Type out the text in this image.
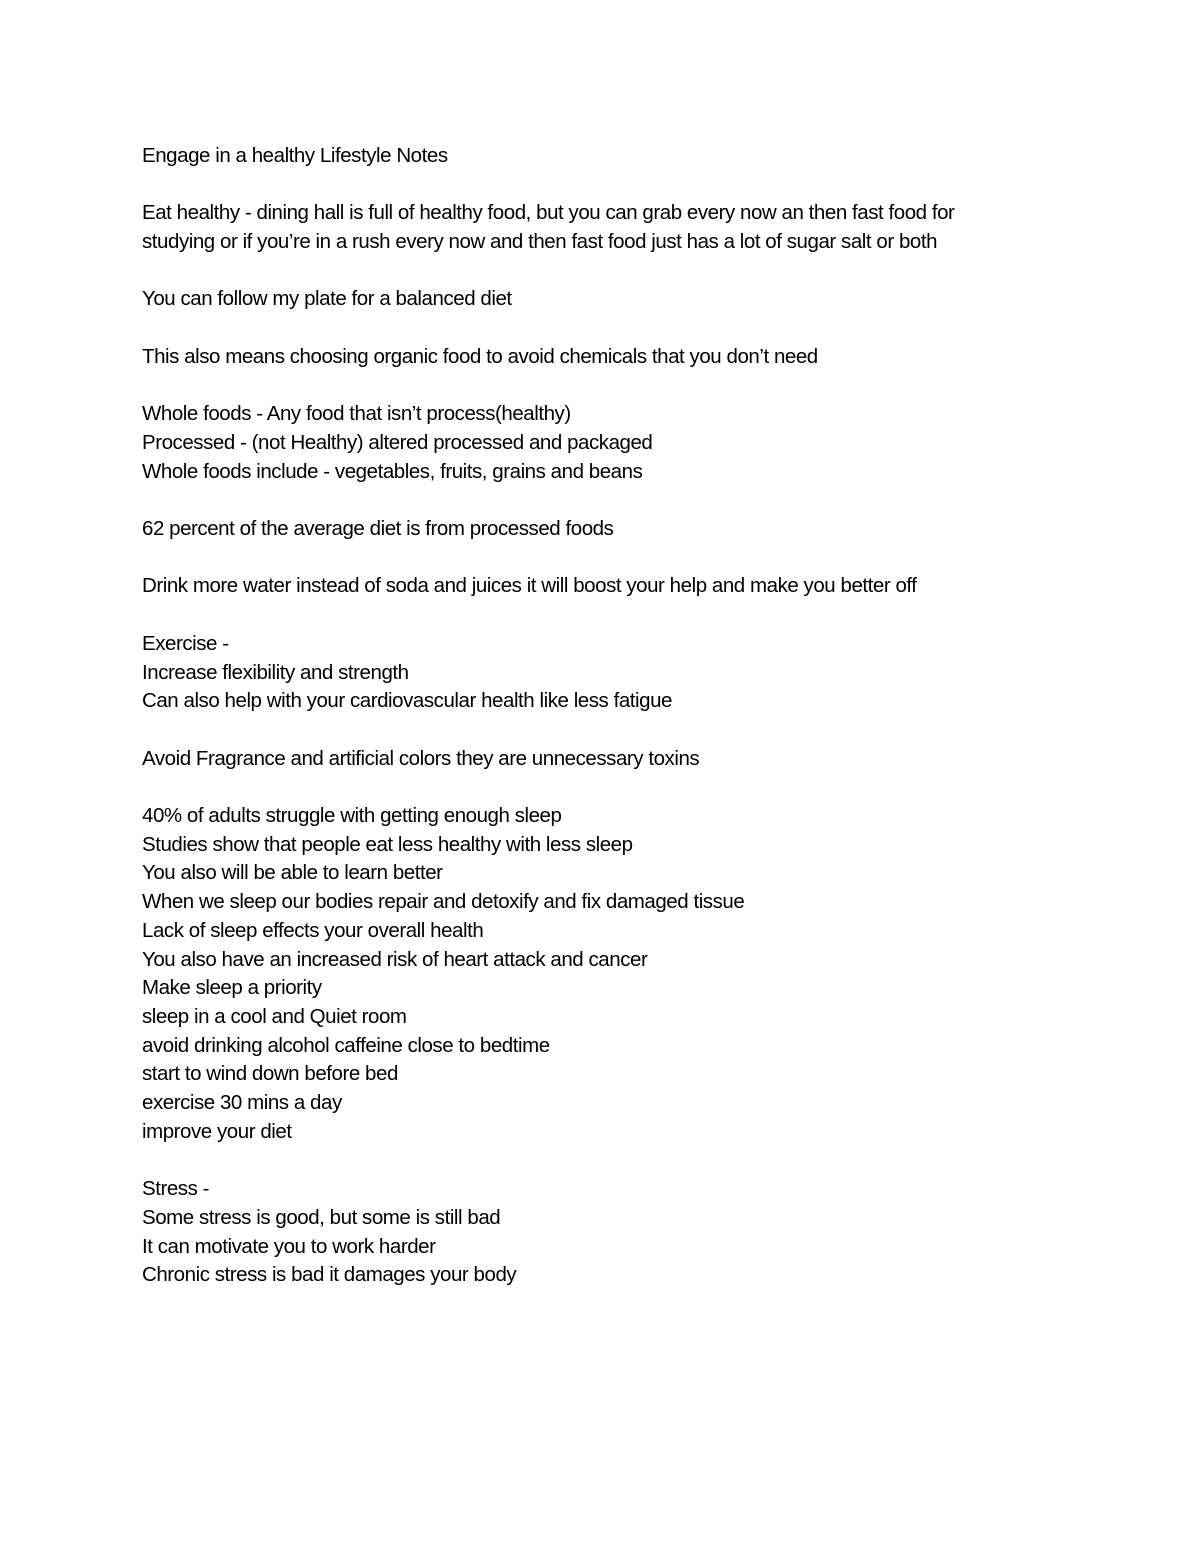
Engage in a healthy Lifestyle Notes
Eat healthy - dining hall is full of healthy food, but you can grab every now an then fast food for
studying or if you’re in a rush every now and then fast food just has a lot of sugar salt or both
You can follow my plate for a balanced diet
This also means choosing organic food to avoid chemicals that you don’t need
Whole foods - Any food that isn’t process(healthy)
Processed - (not Healthy) altered processed and packaged
Whole foods include - vegetables, fruits, grains and beans
62 percent of the average diet is from processed foods
Drink more water instead of soda and juices it will boost your help and make you better off
Exercise -
Increase flexibility and strength
Can also help with your cardiovascular health like less fatigue
Avoid Fragrance and artificial colors they are unnecessary toxins
40% of adults struggle with getting enough sleep
Studies show that people eat less healthy with less sleep
You also will be able to learn better
When we sleep our bodies repair and detoxify and fix damaged tissue
Lack of sleep effects your overall health
You also have an increased risk of heart attack and cancer
Make sleep a priority
sleep in a cool and Quiet room
avoid drinking alcohol caffeine close to bedtime
start to wind down before bed
exercise 30 mins a day
improve your diet
Stress -
Some stress is good, but some is still bad
It can motivate you to work harder
Chronic stress is bad it damages your body
